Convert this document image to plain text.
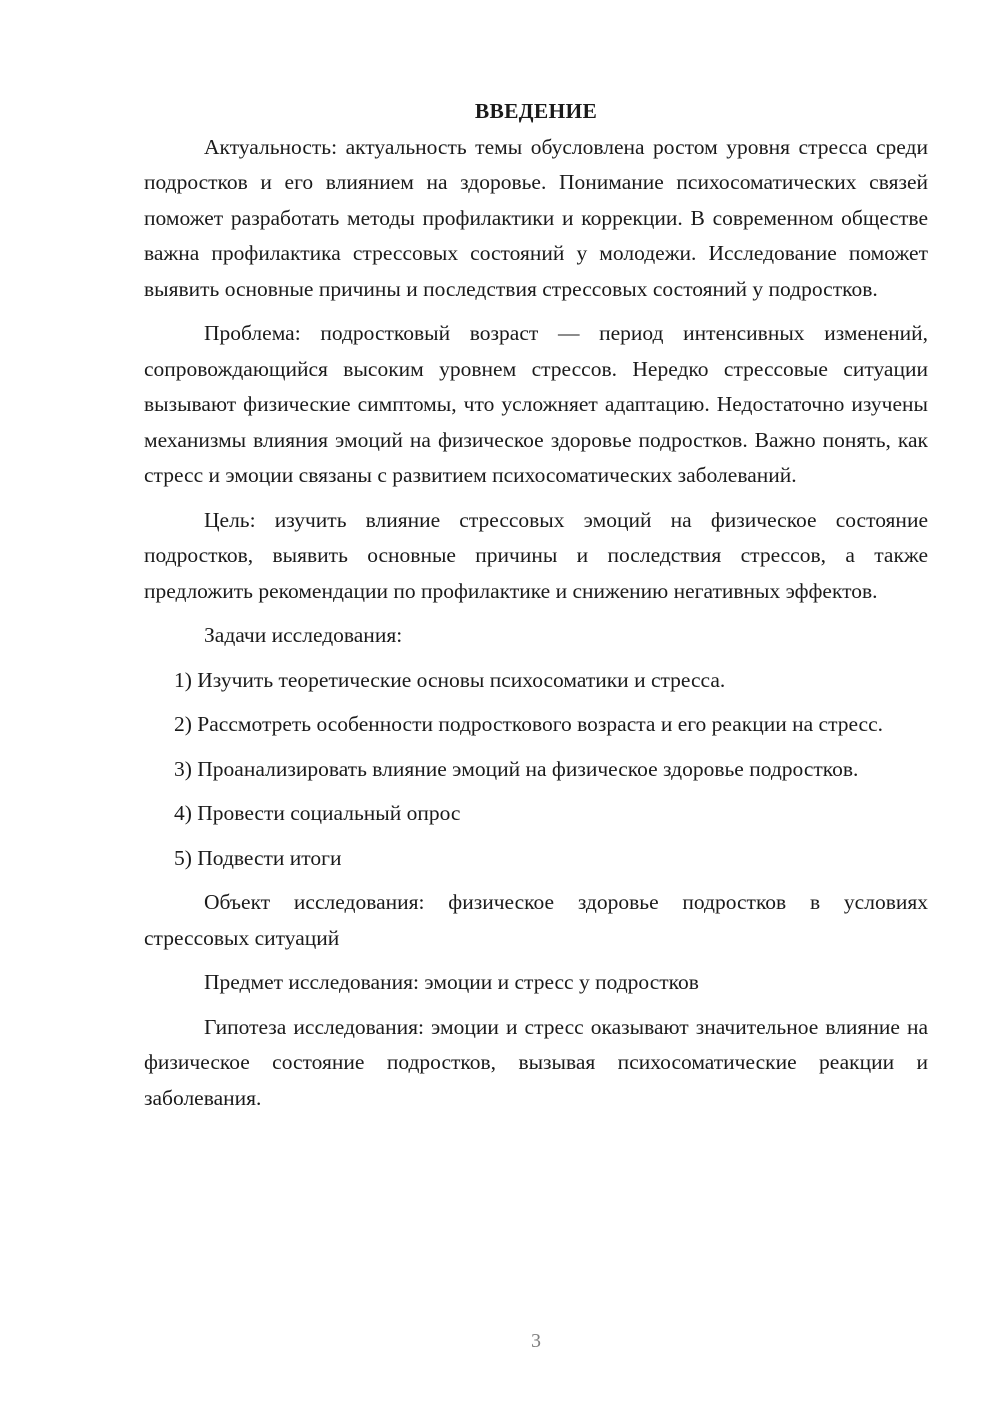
ВВЕДЕНИЕ

Актуальность: актуальность темы обусловлена ростом уровня стресса среди подростков и его влиянием на здоровье. Понимание психосоматических связей поможет разработать методы профилактики и коррекции. В современном обществе важна профилактика стрессовых состояний у молодежи. Исследование поможет выявить основные причины и последствия стрессовых состояний у подростков.

Проблема: подростковый возраст — период интенсивных изменений, сопровождающийся высоким уровнем стрессов. Нередко стрессовые ситуации вызывают физические симптомы, что усложняет адаптацию. Недостаточно изучены механизмы влияния эмоций на физическое здоровье подростков. Важно понять, как стресс и эмоции связаны с развитием психосоматических заболеваний.

Цель: изучить влияние стрессовых эмоций на физическое состояние подростков, выявить основные причины и последствия стрессов, а также предложить рекомендации по профилактике и снижению негативных эффектов.

Задачи исследования:

1) Изучить теоретические основы психосоматики и стресса.

2) Рассмотреть особенности подросткового возраста и его реакции на стресс.

3) Проанализировать влияние эмоций на физическое здоровье подростков.

4) Провести социальный опрос

5) Подвести итоги

Объект исследования: физическое здоровье подростков в условиях стрессовых ситуаций

Предмет исследования: эмоции и стресс у подростков

Гипотеза исследования: эмоции и стресс оказывают значительное влияние на физическое состояние подростков, вызывая психосоматические реакции и заболевания.

3
